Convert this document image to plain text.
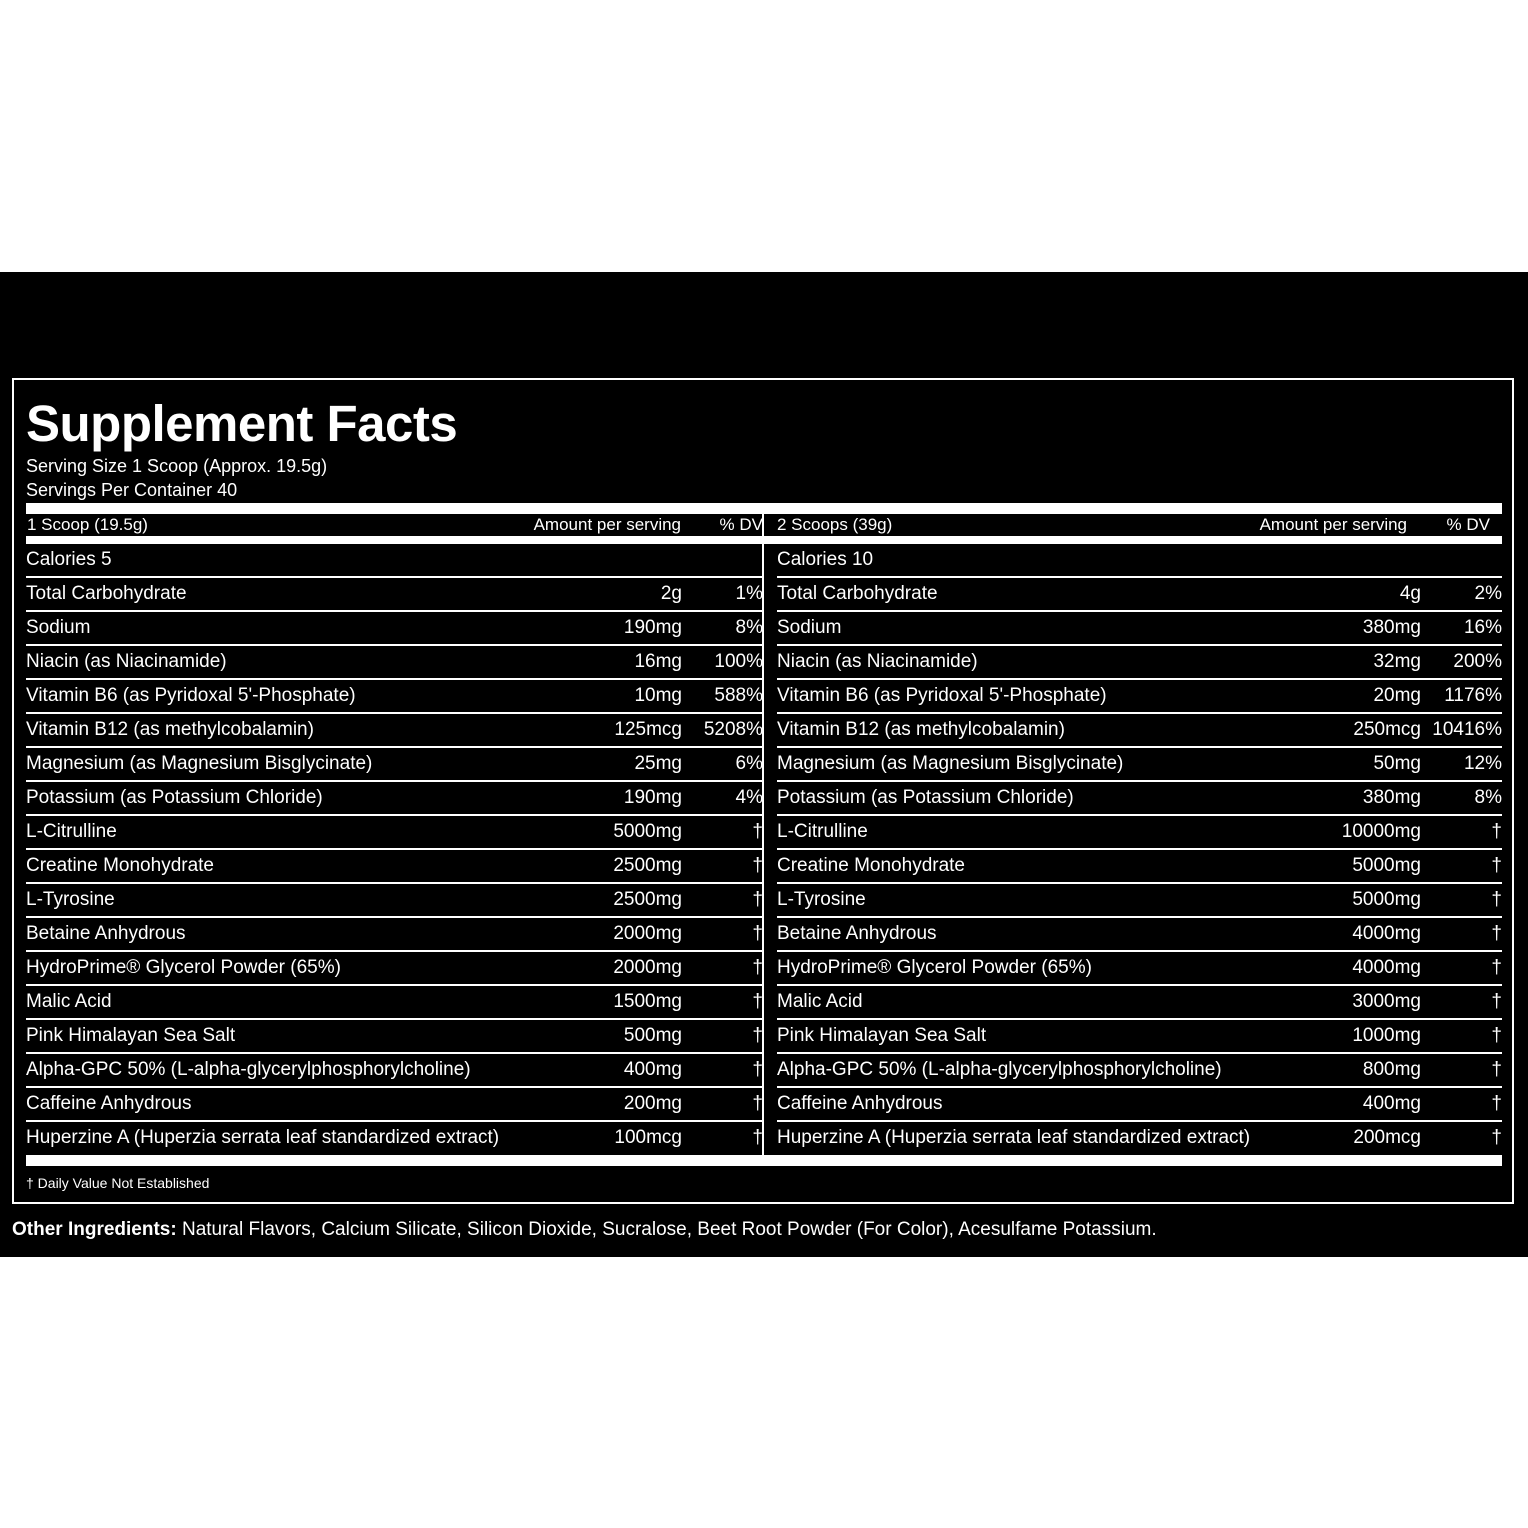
RED GUMMY FISH
Supplement Facts
Serving Size 1 Scoop (Approx. 19.5g)
Servings Per Container 40
1 Scoop (19.5g)	Amount per serving % DV
Calories 5
Total Carbohydrate	2g	1%
Sodium	190mg	8%
Niacin (as Niacinamide)	16mg 100%
Vitamin B6 (as Pyridoxal 5'-Phosphate)	10mg 588%
Vitamin B12 (as methylcobalamin)	125mcg 5208%
Magnesium (as Magnesium Bisglycinate)	25mg	6%
Potassium (as Potassium Chloride)	190mg	4%
L-Citrulline	5000mg	†
Creatine Monohydrate	2500mg	†
L-Tyrosine	2500mg	†
Betaine Anhydrous	2000mg	†
HydroPrime® Glycerol Powder (65%)	2000mg	†
Malic Acid	1500mg	†
Pink Himalayan Sea Salt	500mg	†
Alpha-GPC 50% (L-alpha-glycerylphosphorylcholine)	400mg	†
Caffeine Anhydrous	200mg	†
Huperzine A (Huperzia serrata leaf standardized extract)	100mcg	†
2 Scoops (39g)	Amount per serving % DV
Calories 10
Total Carbohydrate	4g	2%
Sodium	380mg 16%
Niacin (as Niacinamide)	32mg 200%
Vitamin B6 (as Pyridoxal 5'-Phosphate)	20mg 1176%
Vitamin B12 (as methylcobalamin)	250mcg 10416%
Magnesium (as Magnesium Bisglycinate)	50mg 12%
Potassium (as Potassium Chloride)	380mg	8%
L-Citrulline	10000mg	†
Creatine Monohydrate	5000mg	†
L-Tyrosine	5000mg	†
Betaine Anhydrous	4000mg	†
HydroPrime® Glycerol Powder (65%)	4000mg	†
Malic Acid	3000mg	†
Pink Himalayan Sea Salt	1000mg	†
Alpha-GPC 50% (L-alpha-glycerylphosphorylcholine)	800mg	†
Caffeine Anhydrous	400mg	†
Huperzine A (Huperzia serrata leaf standardized extract)	200mcg	†
† Daily Value Not Established
Other Ingredients: Natural Flavors, Calcium Silicate, Silicon Dioxide, Sucralose, Beet Root Powder (For Color), Acesulfame Potassium.
